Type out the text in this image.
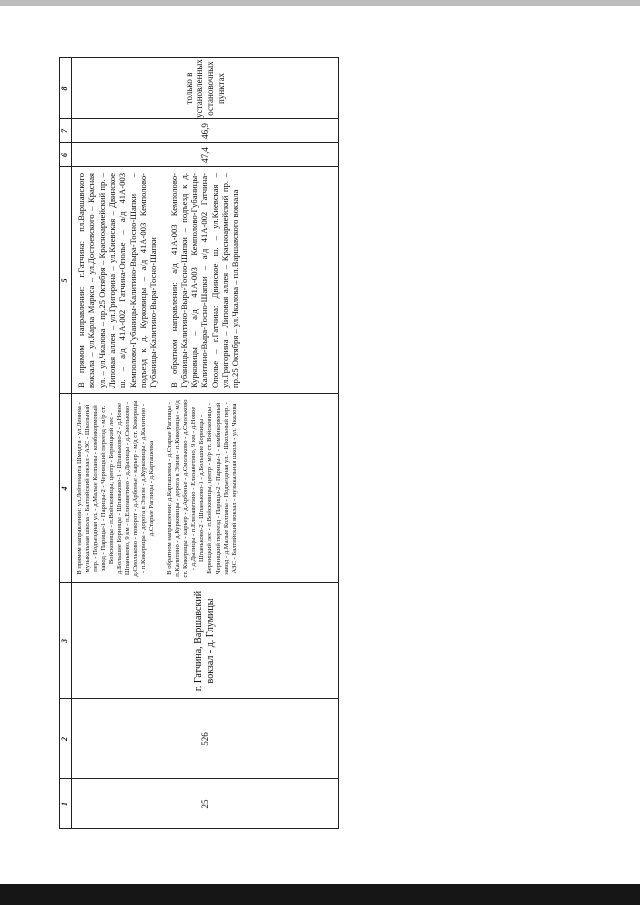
1
2
3
4
5
6
7
8
25
526
г. Гатчина, Варшавский вокзал - д. Глумицы

В прямом направлении: ул.Лейтенанта Шмидта - ул.Ленина - музыкальная школа - Балтийский вокзал - АЗС - Школьный пер. - Подъездная ул. - д.Малые Колпаны - комбикормовый завод - Парицы-1 - Парицы-2 - Черницкий переезд - м/р ст. Войсковицы - п.Войсковицы, центр - Берницкий лес - д.Большие Борницы - Шпаньково-1 - Шпаньково-2 - д.Новое Шпаньково, 9 км - п.Елизаветино - д.Дылицы - д.Смольково - д.Смольково - поворот - д.Арбонье - карьер - м/д ст. Кикерицы - п.Кикерицы - дорога в Элизи - д.Курковицы - д.Калитино - д.Старые Раглицы - д.Карташевка В обратном направлении: д.Карташевка - д.Старые Раглицы - п.Калитино - д.Курковицы - дорога в Элизи - п.Кикерицы - м/д ст. Кикерицы - карьер - д.Арбонье - д.Смольково - д.Смольково - д.Дылицы - п.Елизаветино - Елизаветино, 9 км - д.Новое Шпаньково-2 - Шпаньково-1 - д.Большие Борницы - Берницкий лес - п.Войсковицы, центр - м/р ст. Войсковицы - Черницкий переезд - Парицы-2 - Парицы-1 - комбикормовый завод - д.Малые Колпаны - Подъездная ул. - Школьный пер. - АЗС - Балтийский вокзал - музыкальная школа - ул. Чкалова

В прямом направлении: г.Гатчина: пл.Варшавского вокзала – ул.Карла Маркса – ул.Достоевского – Красная ул. – ул.Чкалова – пр.25 Октября – Красноармейский пр. – Липовая аллея – ул.Григорина – ул.Киевская – Двинское ш. – а/д 41А-002 Гатчина-Ополье – а/д 41А-003 Кемполово-Губаницы-Калитино-Выра-Тосно-Шапки – подъезд к д. Курковицы – а/д 41А-003 Кемполово-Губаницы-Калитино-Выра-Тосно-Шапки В обратном направлении: а/д 41А-003 Кемполово-Губаницы-Калитино-Выра-Тосно-Шапки – подъезд к д. Курковицы – а/д 41А-003 Кемполово-Губаницы-Калитино-Выра-Тосно-Шапки – а/д 41А-002 Гатчина-Ополье – г.Гатчина: Двинское ш. – ул.Киевская – ул.Григорина – Липовая аллея – Красноармейский пр. – пр.25 Октября – ул.Чкалова – пл.Варшавского вокзала

47,4
46,9
только в установленных остановочных пунктах
